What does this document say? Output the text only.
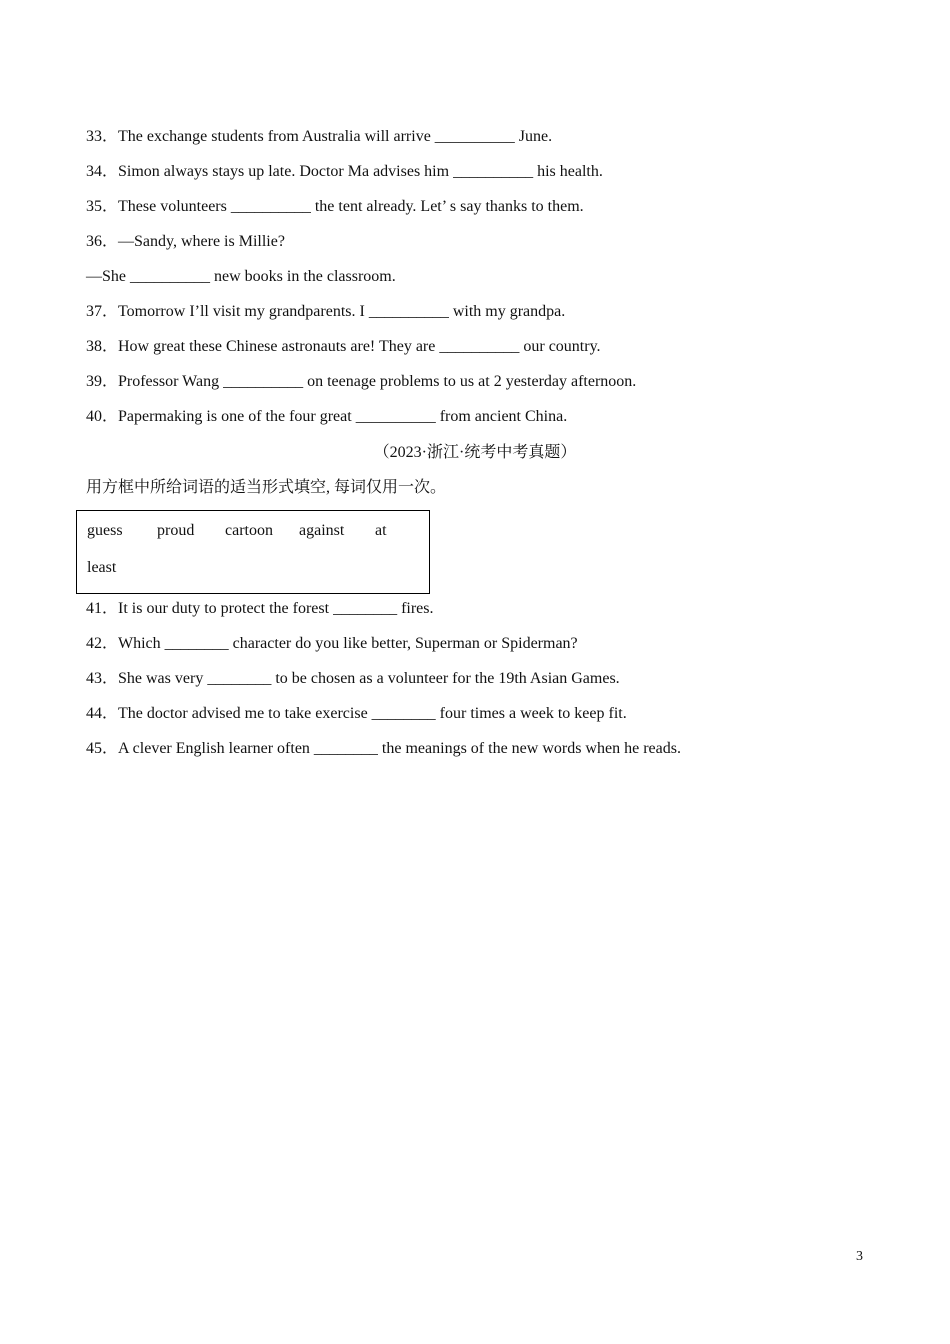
33．The exchange students from Australia will arrive __________ June.
34．Simon always stays up late. Doctor Ma advises him __________ his health.
35．These volunteers __________ the tent already. Let’ s say thanks to them.
36．—Sandy, where is Millie?
—She __________ new books in the classroom.
37．Tomorrow I’ll visit my grandparents. I __________ with my grandpa.
38．How great these Chinese astronauts are! They are __________ our country.
39．Professor Wang __________ on teenage problems to us at 2 yesterday afternoon.
40．Papermaking is one of the four great __________ from ancient China.
（2023·浙江·统考中考真题）
用方框中所给词语的适当形式填空, 每词仅用一次。
guess proud cartoon against at
least
41．It is our duty to protect the forest ________ fires.
42．Which ________ character do you like better, Superman or Spiderman?
43．She was very ________ to be chosen as a volunteer for the 19th Asian Games.
44．The doctor advised me to take exercise ________ four times a week to keep fit.
45．A clever English learner often ________ the meanings of the new words when he reads.
3
